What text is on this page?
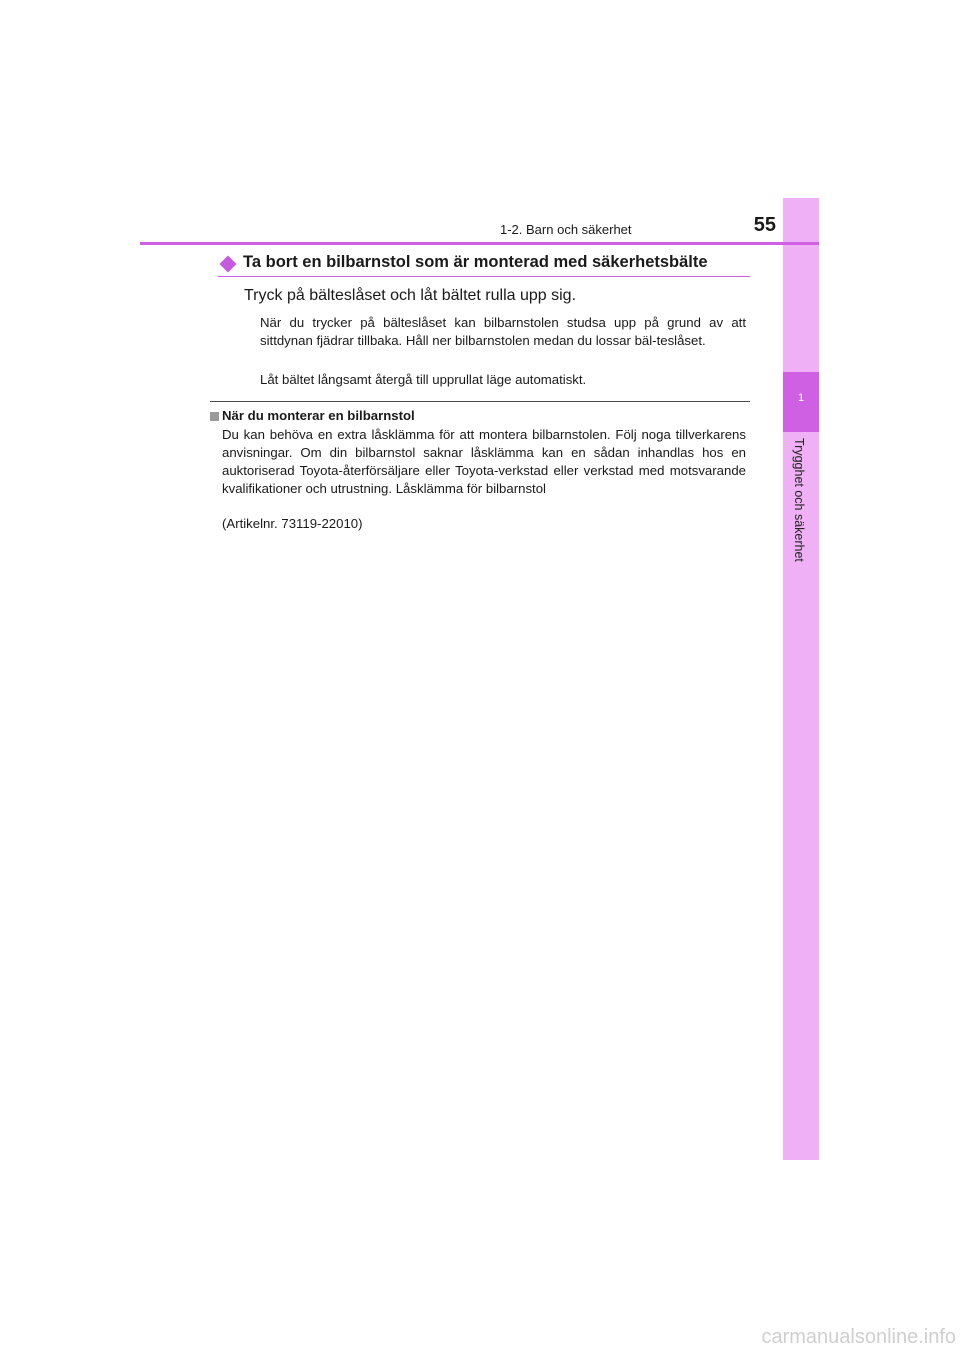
1
Trygghet och säkerhet
1-2. Barn och säkerhet	55
Ta bort en bilbarnstol som är monterad med säkerhetsbälte
Tryck på bälteslåset och låt bältet rulla upp sig.
När du trycker på bälteslåset kan bilbarnstolen studsa upp på grund av att sittdynan fjädrar tillbaka. Håll ner bilbarnstolen medan du lossar bäl-teslåset.
Låt bältet långsamt återgå till upprullat läge automatiskt.
När du monterar en bilbarnstol
Du kan behöva en extra låsklämma för att montera bilbarnstolen. Följ noga tillverkarens anvisningar. Om din bilbarnstol saknar låsklämma kan en sådan inhandlas hos en auktoriserad Toyota-återförsäljare eller Toyota-verkstad eller verkstad med motsvarande kvalifikationer och utrustning. Låsklämma för bilbarnstol
(Artikelnr. 73119-22010)
carmanualsonline.info
